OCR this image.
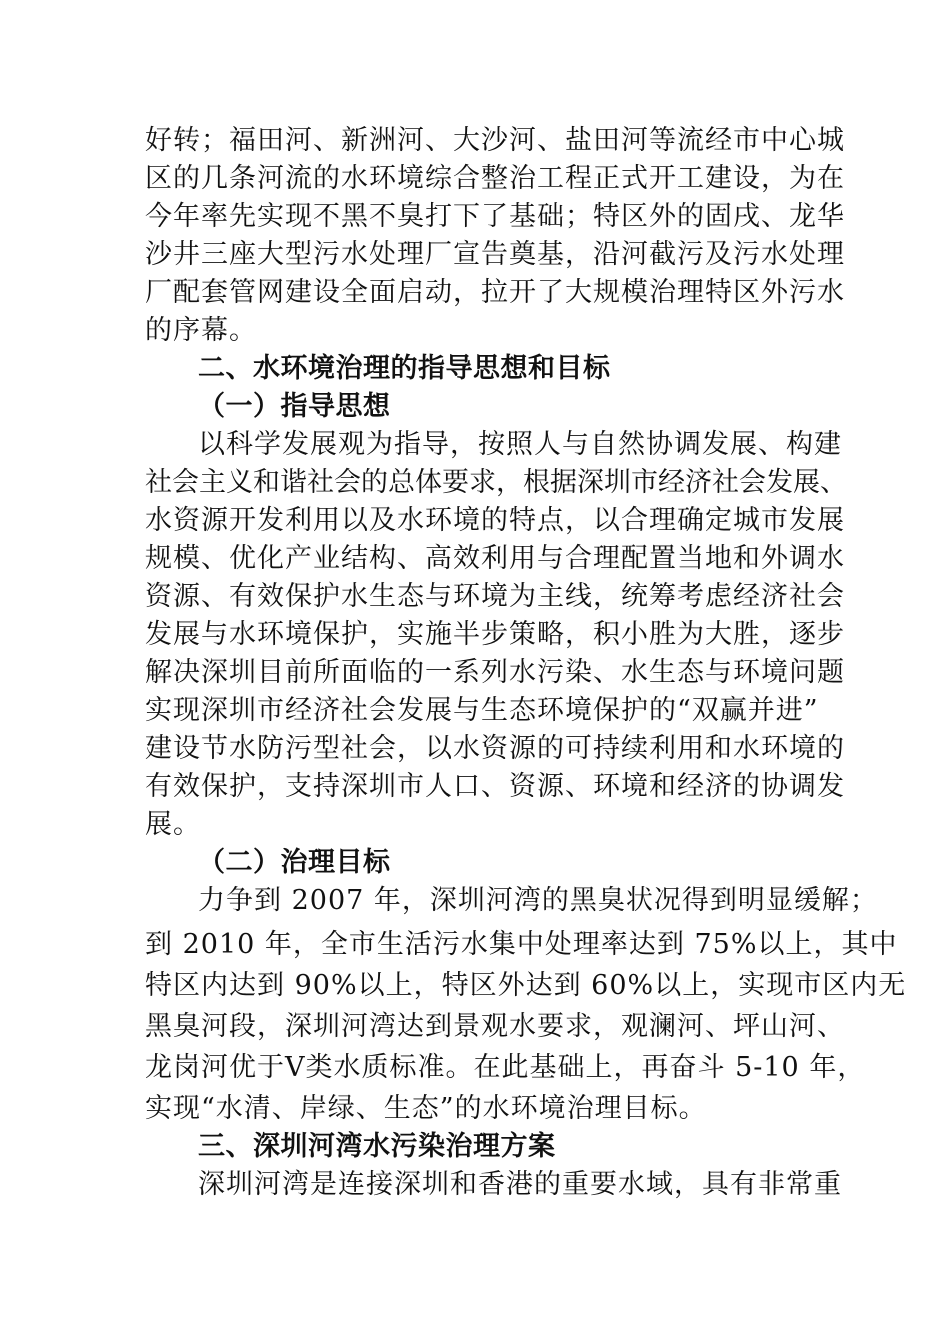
好转；福田河、新洲河、大沙河、盐田河等流经市中心城
区的几条河流的水环境综合整治工程正式开工建设，为在
今年率先实现不黑不臭打下了基础；特区外的固戌、龙华
沙井三座大型污水处理厂宣告奠基，沿河截污及污水处理
厂配套管网建设全面启动，拉开了大规模治理特区外污水
的序幕。
二、水环境治理的指导思想和目标
（一）指导思想
以科学发展观为指导，按照人与自然协调发展、构建
社会主义和谐社会的总体要求，根据深圳市经济社会发展、
水资源开发利用以及水环境的特点，以合理确定城市发展
规模、优化产业结构、高效利用与合理配置当地和外调水
资源、有效保护水生态与环境为主线，统筹考虑经济社会
发展与水环境保护，实施半步策略，积小胜为大胜，逐步
解决深圳目前所面临的一系列水污染、水生态与环境问题
实现深圳市经济社会发展与生态环境保护的“双赢并进”
建设节水防污型社会，以水资源的可持续利用和水环境的
有效保护，支持深圳市人口、资源、环境和经济的协调发
展。
（二）治理目标
力争到 2007 年，深圳河湾的黑臭状况得到明显缓解；
到 2010 年，全市生活污水集中处理率达到 75%以上，其中
特区内达到 90%以上，特区外达到 60%以上，实现市区内无
黑臭河段，深圳河湾达到景观水要求，观澜河、坪山河、
龙岗河优于Ⅴ类水质标准。在此基础上，再奋斗 5-10 年，
实现“水清、岸绿、生态”的水环境治理目标。
三、深圳河湾水污染治理方案
深圳河湾是连接深圳和香港的重要水域，具有非常重
